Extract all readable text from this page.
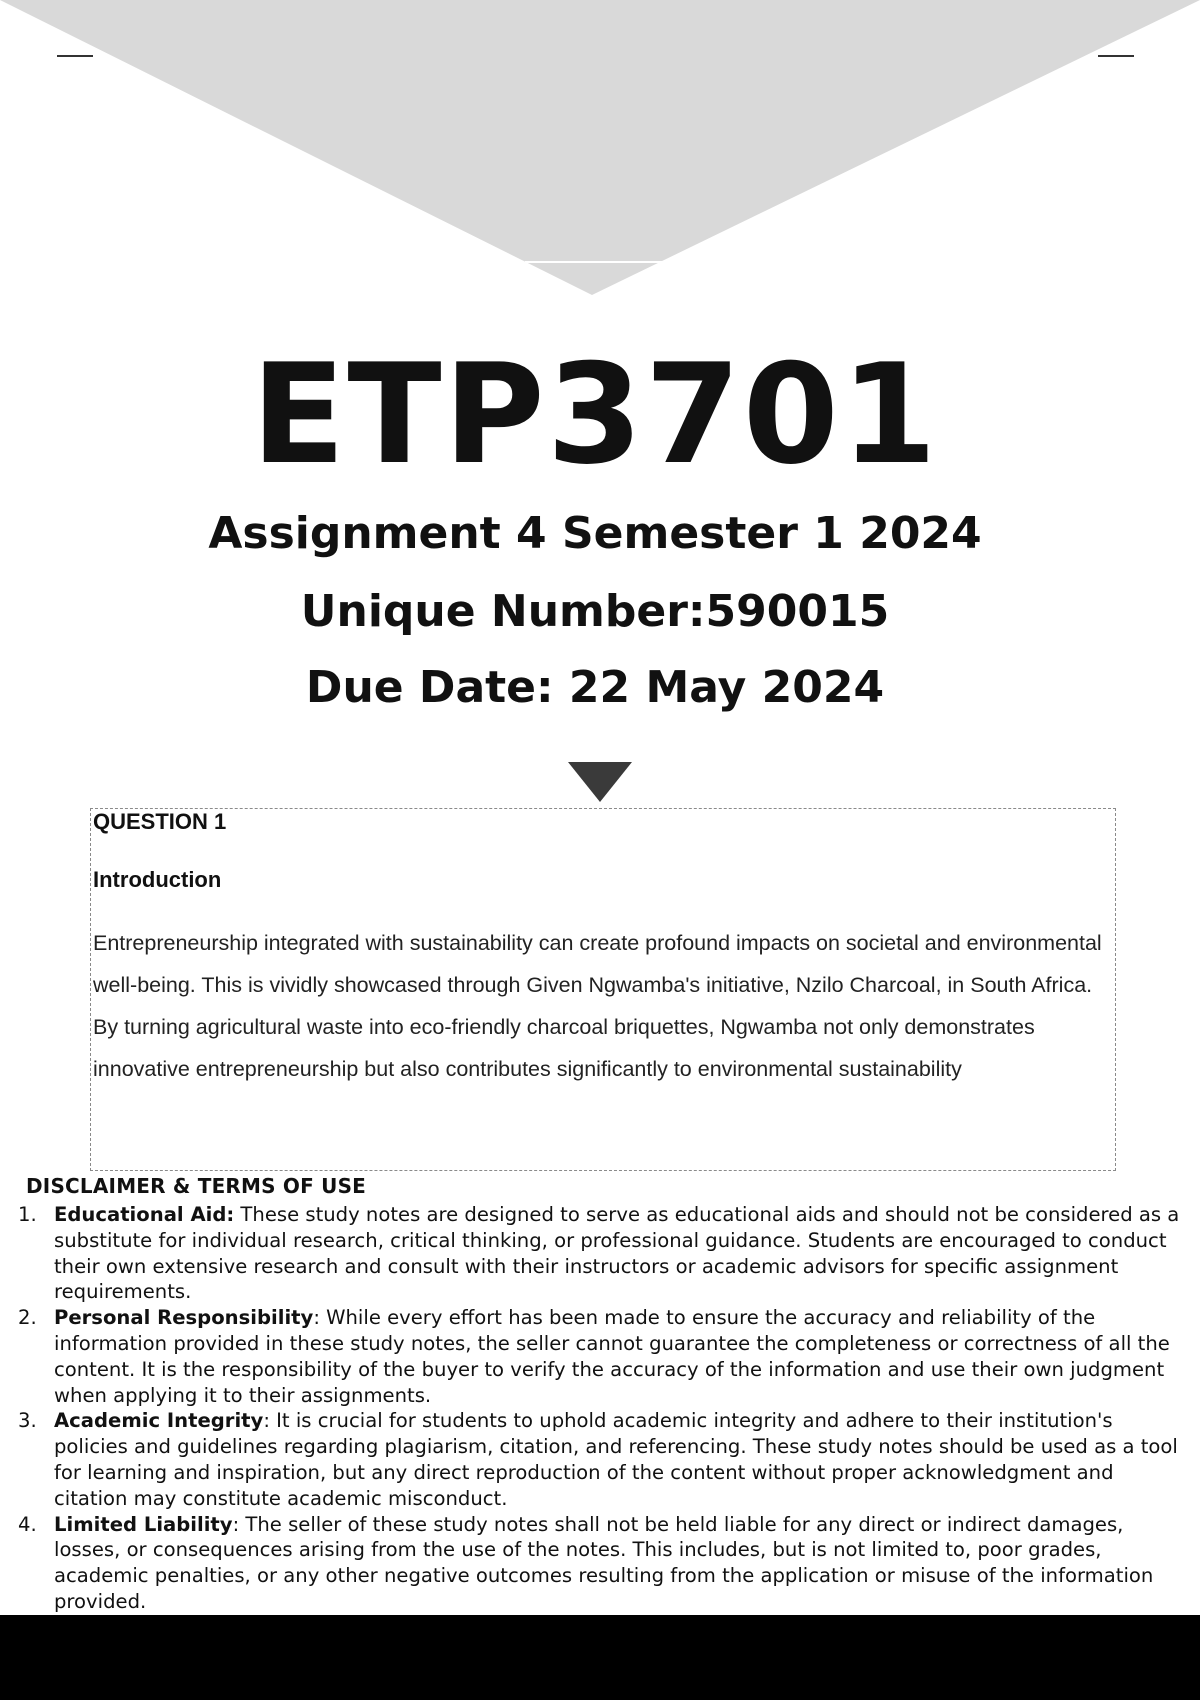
ETP3701
Assignment 4 Semester 1 2024
Unique Number:590015
Due Date: 22 May 2024
QUESTION 1
Introduction
Entrepreneurship integrated with sustainability can create profound impacts on societal and environmental well-being. This is vividly showcased through Given Ngwamba's initiative, Nzilo Charcoal, in South Africa. By turning agricultural waste into eco-friendly charcoal briquettes, Ngwamba not only demonstrates innovative entrepreneurship but also contributes significantly to environmental sustainability
DISCLAIMER & TERMS OF USE
1. Educational Aid: These study notes are designed to serve as educational aids and should not be considered as a substitute for individual research, critical thinking, or professional guidance. Students are encouraged to conduct their own extensive research and consult with their instructors or academic advisors for specific assignment requirements.
2. Personal Responsibility: While every effort has been made to ensure the accuracy and reliability of the information provided in these study notes, the seller cannot guarantee the completeness or correctness of all the content. It is the responsibility of the buyer to verify the accuracy of the information and use their own judgment when applying it to their assignments.
3. Academic Integrity: It is crucial for students to uphold academic integrity and adhere to their institution's policies and guidelines regarding plagiarism, citation, and referencing. These study notes should be used as a tool for learning and inspiration, but any direct reproduction of the content without proper acknowledgment and citation may constitute academic misconduct.
4. Limited Liability: The seller of these study notes shall not be held liable for any direct or indirect damages, losses, or consequences arising from the use of the notes. This includes, but is not limited to, poor grades, academic penalties, or any other negative outcomes resulting from the application or misuse of the information provided.
